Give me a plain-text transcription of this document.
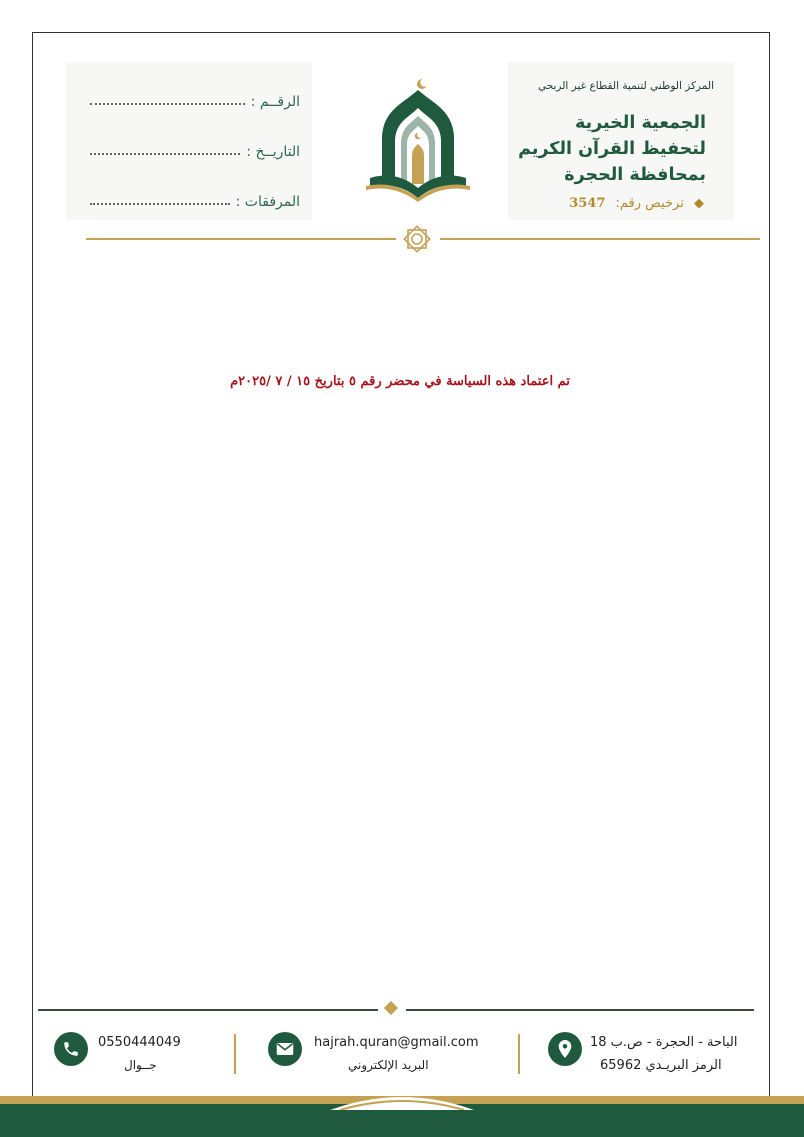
الرقــم :
التاريــخ :
المرفقات :
المركز الوطني لتنمية القطاع غير الربحي
الجمعية الخيرية
لتحفيظ القرآن الكريم
بمحافظة الحجرة
◆ ترخيص رقم: 3547
تم اعتماد هذه السياسة في محضر رقم ٥ بتاريخ ١٥ / ٧ /٢٠٢٥م
0550444049
جــوال
hajrah.quran@gmail.com
البريد الإلكتروني
الباحة - الحجرة - ص.ب 18
الرمز البريـدي 65962
